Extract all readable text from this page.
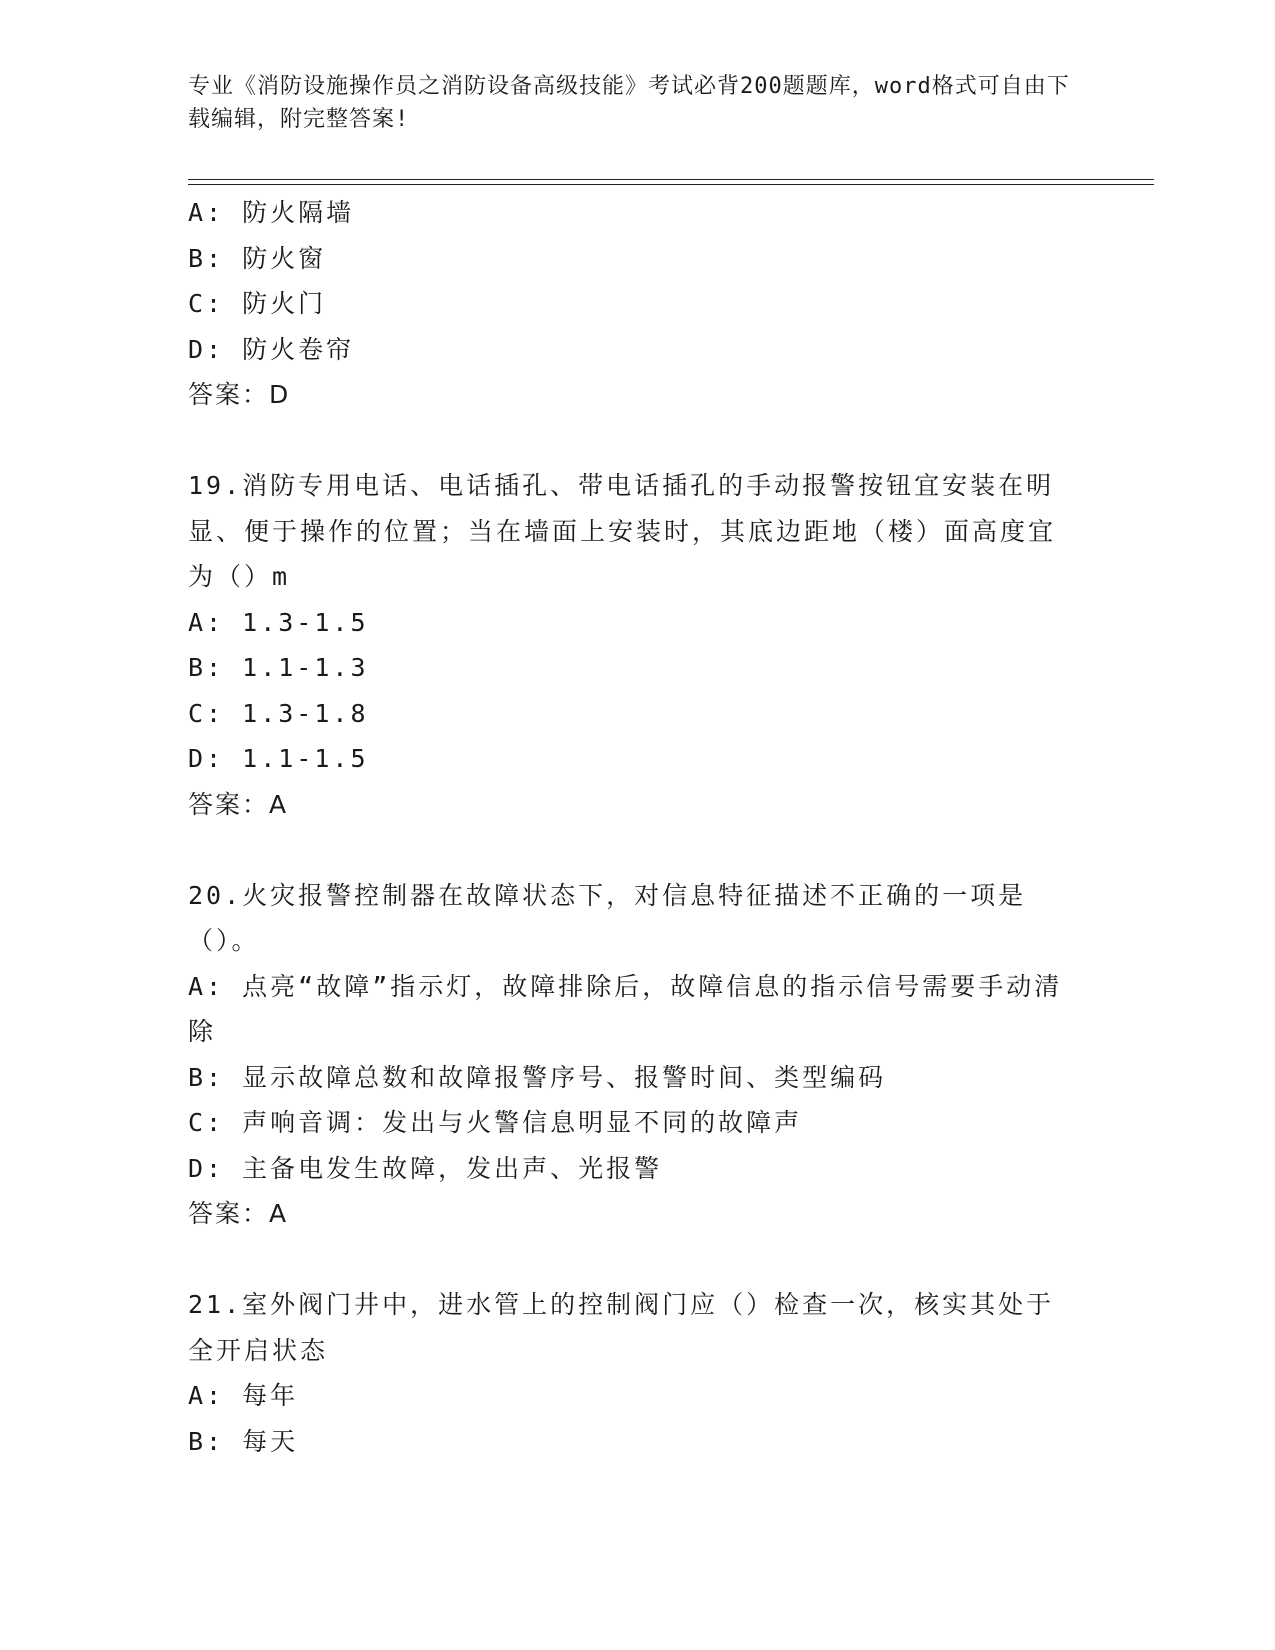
专业《消防设施操作员之消防设备高级技能》考试必背200题题库，word格式可自由下载编辑，附完整答案!
A: 防火隔墙
B: 防火窗
C: 防火门
D: 防火卷帘
答案：D
19.消防专用电话、电话插孔、带电话插孔的手动报警按钮宜安装在明显、便于操作的位置；当在墙面上安装时，其底边距地（楼）面高度宜为（）m
A: 1.3-1.5
B: 1.1-1.3
C: 1.3-1.8
D: 1.1-1.5
答案：A
20.火灾报警控制器在故障状态下，对信息特征描述不正确的一项是（）。
A: 点亮“故障”指示灯，故障排除后，故障信息的指示信号需要手动清除
B: 显示故障总数和故障报警序号、报警时间、类型编码
C: 声响音调：发出与火警信息明显不同的故障声
D: 主备电发生故障，发出声、光报警
答案：A
21.室外阀门井中，进水管上的控制阀门应（）检查一次，核实其处于全开启状态
A: 每年
B: 每天
